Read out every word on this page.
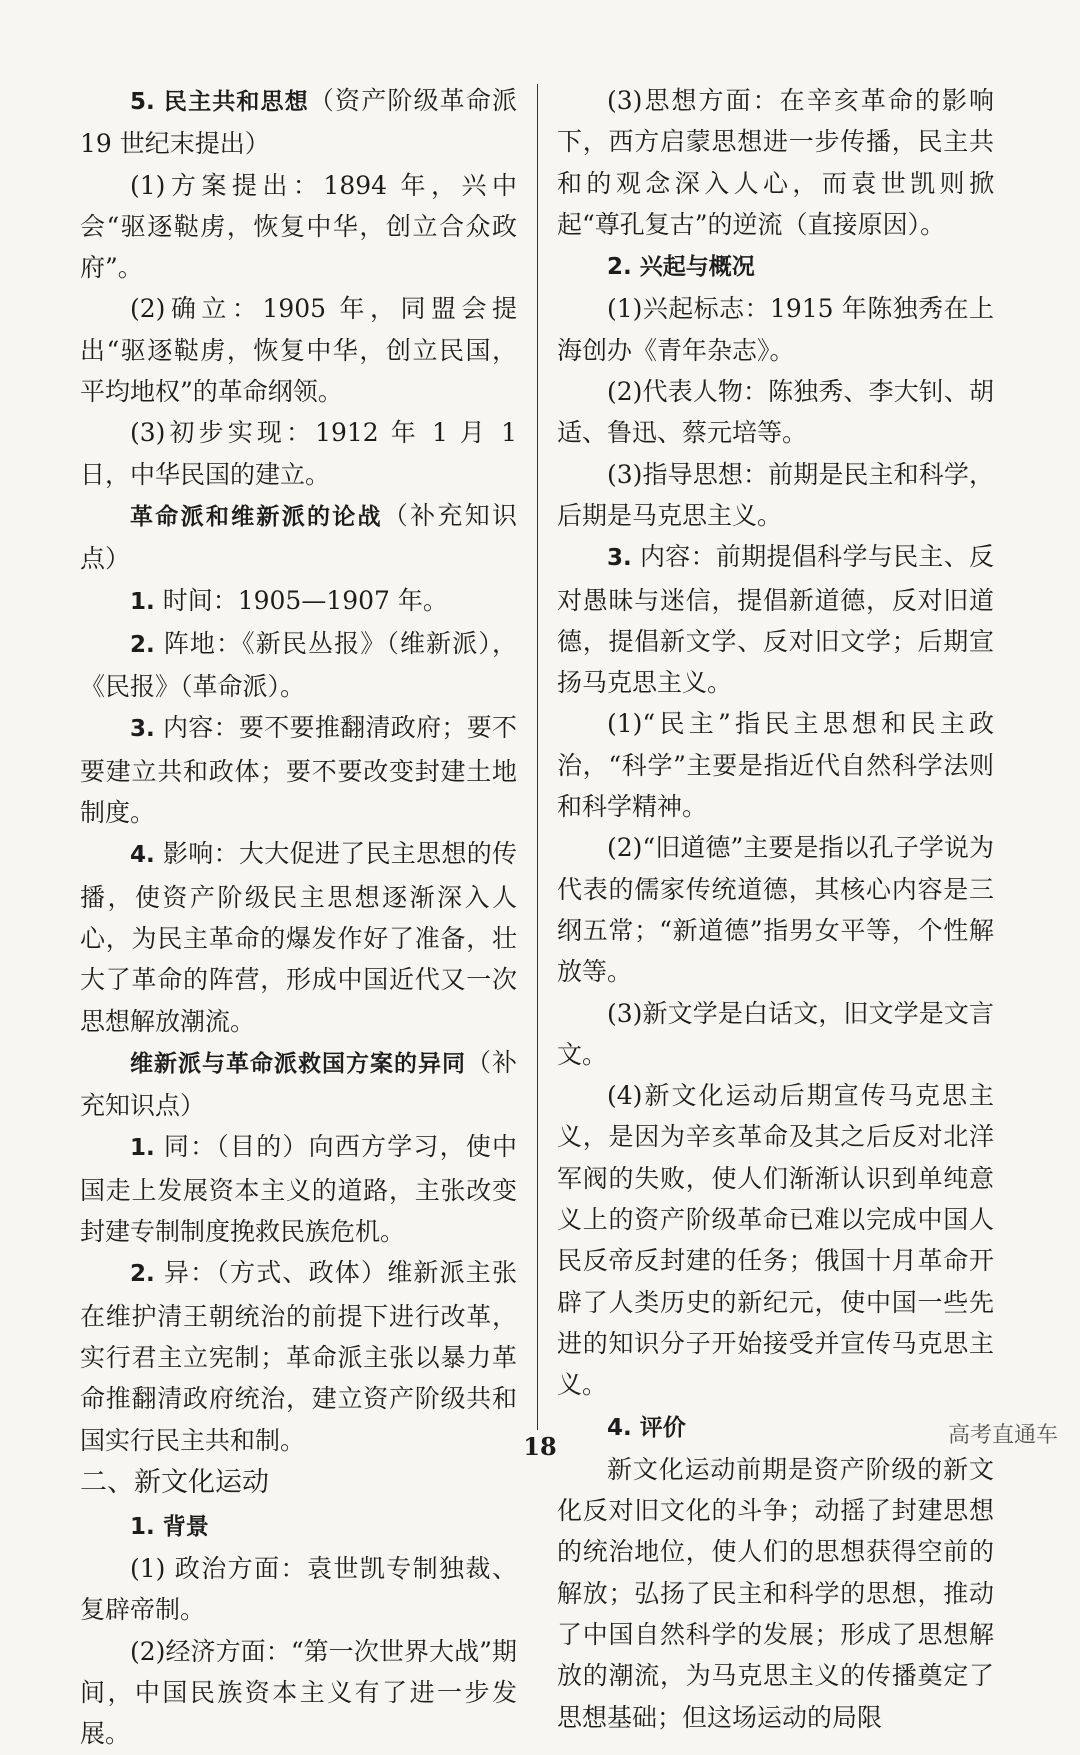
5. 民主共和思想（资产阶级革命派 19 世纪末提出）

(1)方案提出：1894 年，兴中会“驱逐鞑虏，恢复中华，创立合众政府”。

(2)确立：1905 年，同盟会提出“驱逐鞑虏，恢复中华，创立民国，平均地权”的革命纲领。

(3)初步实现：1912 年 1 月 1 日，中华民国的建立。

革命派和维新派的论战（补充知识点）

1. 时间：1905—1907 年。

2. 阵地：《新民丛报》（维新派），《民报》（革命派）。

3. 内容：要不要推翻清政府；要不要建立共和政体；要不要改变封建土地制度。

4. 影响：大大促进了民主思想的传播，使资产阶级民主思想逐渐深入人心，为民主革命的爆发作好了准备，壮大了革命的阵营，形成中国近代又一次思想解放潮流。

维新派与革命派救国方案的异同（补充知识点）

1. 同：（目的）向西方学习，使中国走上发展资本主义的道路，主张改变封建专制制度挽救民族危机。

2. 异：（方式、政体）维新派主张在维护清王朝统治的前提下进行改革，实行君主立宪制；革命派主张以暴力革命推翻清政府统治，建立资产阶级共和国实行民主共和制。

二、新文化运动

1. 背景

(1) 政治方面：袁世凯专制独裁、复辟帝制。

(2)经济方面：“第一次世界大战”期间，中国民族资本主义有了进一步发展。

(3)思想方面：在辛亥革命的影响下，西方启蒙思想进一步传播，民主共和的观念深入人心，而袁世凯则掀起“尊孔复古”的逆流（直接原因）。

2. 兴起与概况

(1)兴起标志：1915 年陈独秀在上海创办《青年杂志》。

(2)代表人物：陈独秀、李大钊、胡适、鲁迅、蔡元培等。

(3)指导思想：前期是民主和科学，后期是马克思主义。

3. 内容：前期提倡科学与民主、反对愚昧与迷信，提倡新道德，反对旧道德，提倡新文学、反对旧文学；后期宣扬马克思主义。

(1)“民主”指民主思想和民主政治，“科学”主要是指近代自然科学法则和科学精神。

(2)“旧道德”主要是指以孔子学说为代表的儒家传统道德，其核心内容是三纲五常；“新道德”指男女平等，个性解放等。

(3)新文学是白话文，旧文学是文言文。

(4)新文化运动后期宣传马克思主义，是因为辛亥革命及其之后反对北洋军阀的失败，使人们渐渐认识到单纯意义上的资产阶级革命已难以完成中国人民反帝反封建的任务；俄国十月革命开辟了人类历史的新纪元，使中国一些先进的知识分子开始接受并宣传马克思主义。

4. 评价

新文化运动前期是资产阶级的新文化反对旧文化的斗争；动摇了封建思想的统治地位，使人们的思想获得空前的解放；弘扬了民主和科学的思想，推动了中国自然科学的发展；形成了思想解放的潮流，为马克思主义的传播奠定了思想基础；但这场运动的局限

18	高考直通车
